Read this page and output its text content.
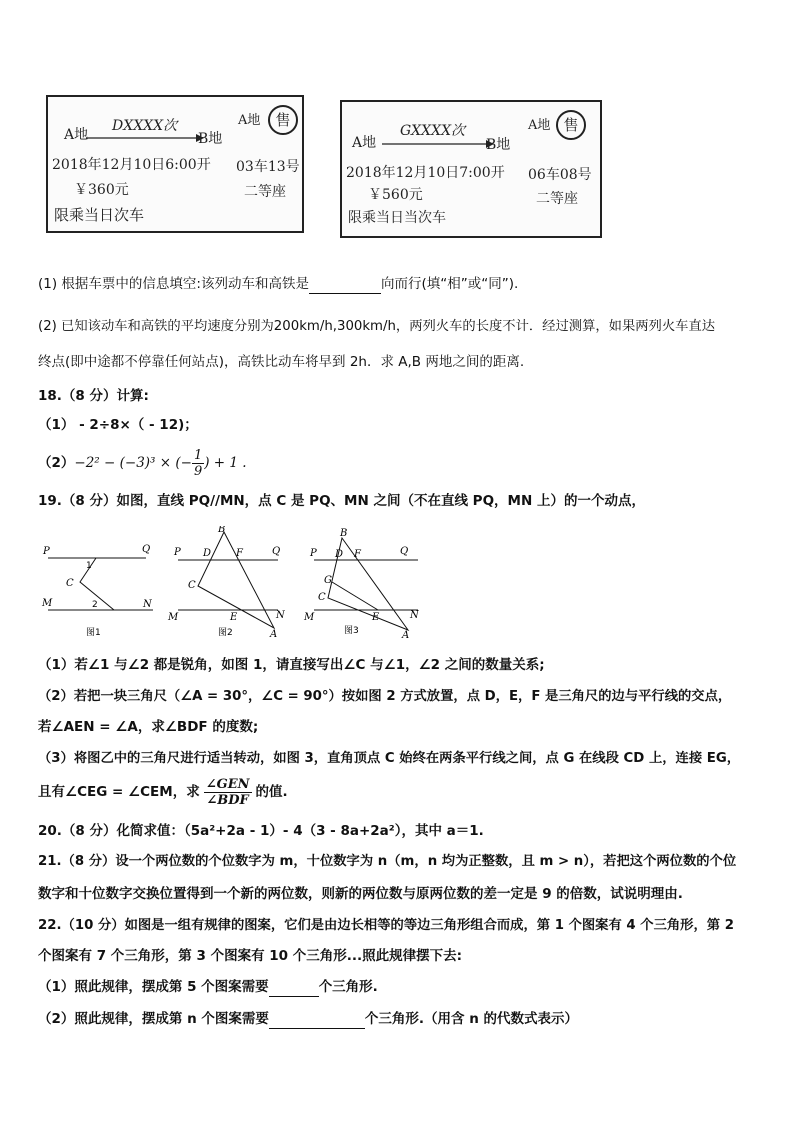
DXXXX次
A地	B地
A地	售
2018年12月10日6:00开 03车13号
￥360元	二等座
限乘当日次车
GXXXX次
A地	B地
A地 售
2018年12月10日7:00开 06车08号
￥560元	二等座
限乘当日当次车
(1) 根据车票中的信息填空:该列动车和高铁是	向而行(填“相”或“同”).
(2) 已知该动车和高铁的平均速度分别为200km/h,300km/h，两列火车的长度不计．经过测算，如果两列火车直达
终点(即中途都不停靠任何站点)，高铁比动车将早到 2h．求 A,B 两地之间的距离.
18.（8 分）计算:
（1） - 2÷8×（ - 12)；
（2） −2² − (−3)³ × (− $\frac{1}{9}$ ) + 1 .
19.（8 分）如图，直线 PQ//MN，点 C 是 PQ、MN 之间（不在直线 PQ，MN 上）的一个动点，
P	Q
M	N
C
1
2
图1
P	Q
M	N
B
D F
C
E
A
图2
P	Q
M	N
B
D F
G
C
E
A
图3
（1）若∠1 与∠2 都是锐角，如图 1，请直接写出∠C 与∠1，∠2 之间的数量关系;
（2）若把一块三角尺（∠A = 30°，∠C = 90°）按如图 2 方式放置，点 D，E，F 是三角尺的边与平行线的交点，
若∠AEN = ∠A，求∠BDF 的度数;
（3）将图乙中的三角尺进行适当转动，如图 3，直角顶点 C 始终在两条平行线之间，点 G 在线段 CD 上，连接 EG，
且有∠CEG = ∠CEM，求 $\frac{\text{∠GEN}}{\text{∠BDF}}$ 的值.
20.（8 分）化简求值：（5a²+2a - 1）- 4（3 - 8a+2a²），其中 a＝1.
21.（8 分）设一个两位数的个位数字为 m，十位数字为 n（m，n 均为正整数，且 m > n），若把这个两位数的个位
数字和十位数字交换位置得到一个新的两位数，则新的两位数与原两位数的差一定是 9 的倍数，试说明理由.
22.（10 分）如图是一组有规律的图案，它们是由边长相等的等边三角形组合而成，第 1 个图案有 4 个三角形，第 2
个图案有 7 个三角形，第 3 个图案有 10 个三角形...照此规律摆下去:
（1）照此规律，摆成第 5 个图案需要	个三角形.
（2）照此规律，摆成第 n 个图案需要	个三角形.（用含 n 的代数式表示）
